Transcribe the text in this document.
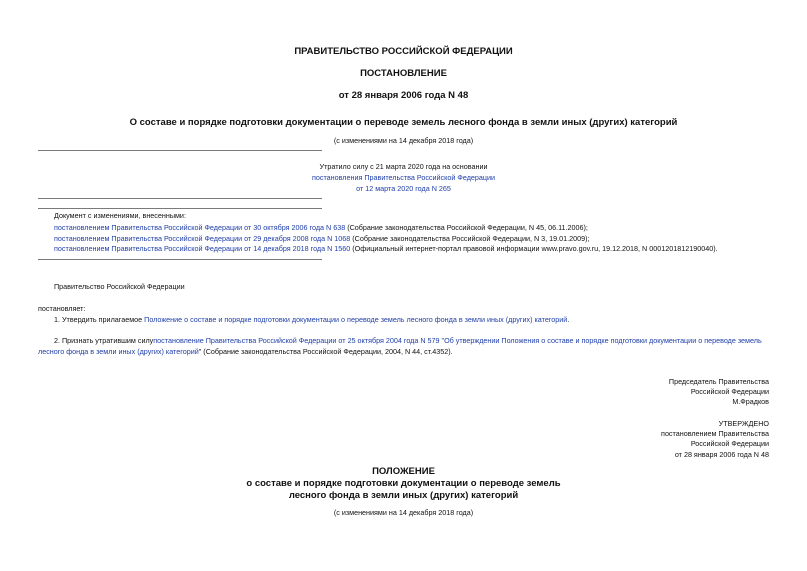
ПРАВИТЕЛЬСТВО РОССИЙСКОЙ ФЕДЕРАЦИИ
ПОСТАНОВЛЕНИЕ
от 28 января 2006 года N 48
О составе и порядке подготовки документации о переводе земель лесного фонда в земли иных (других) категорий
(с изменениями на 14 декабря 2018 года)
Утратило силу с 21 марта 2020 года на основании
постановления Правительства Российской Федерации
от 12 марта 2020 года N 265
Документ с изменениями, внесенными:
постановлением Правительства Российской Федерации от 30 октября 2006 года N 638 (Собрание законодательства Российской Федерации, N 45, 06.11.2006);
постановлением Правительства Российской Федерации от 29 декабря 2008 года N 1068 (Собрание законодательства Российской Федерации, N 3, 19.01.2009);
постановлением Правительства Российской Федерации от 14 декабря 2018 года N 1560 (Официальный интернет-портал правовой информации www.pravo.gov.ru, 19.12.2018, N 0001201812190040).
Правительство Российской Федерации
постановляет:
1. Утвердить прилагаемое Положение о составе и порядке подготовки документации о переводе земель лесного фонда в земли иных (других) категорий.
2. Признать утратившим силупостановление Правительства Российской Федерации от 25 октября 2004 года N 579 "Об утверждении Положения о составе и порядке подготовки документации о переводе земель
лесного фонда в земли иных (других) категорий" (Собрание законодательства Российской Федерации, 2004, N 44, ст.4352).
Председатель Правительства
Российской Федерации
М.Фрадков
УТВЕРЖДЕНО
постановлением Правительства
Российской Федерации
от 28 января 2006 года N 48
ПОЛОЖЕНИЕ
о составе и порядке подготовки документации о переводе земель
лесного фонда в земли иных (других) категорий
(с изменениями на 14 декабря 2018 года)
